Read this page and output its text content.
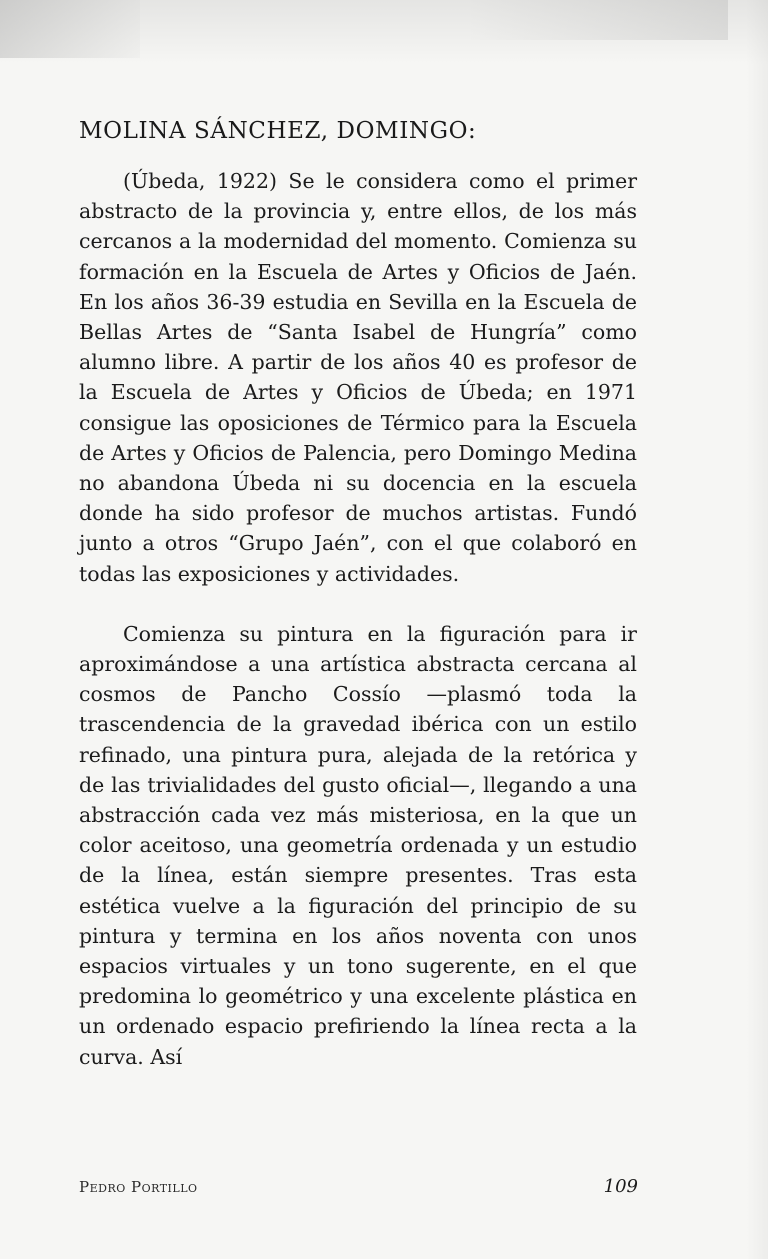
MOLINA SÁNCHEZ, DOMINGO:

(Úbeda, 1922) Se le considera como el primer abstracto de la provincia y, entre ellos, de los más cercanos a la modernidad del momento. Comienza su formación en la Escuela de Artes y Oficios de Jaén. En los años 36-39 estudia en Sevilla en la Escuela de Bellas Artes de “Santa Isabel de Hungría” como alumno libre. A partir de los años 40 es profesor de la Escuela de Artes y Oficios de Úbeda; en 1971 consigue las oposiciones de Térmico para la Escuela de Artes y Oficios de Palencia, pero Domingo Medina no abandona Úbeda ni su docencia en la escuela donde ha sido profesor de muchos artistas. Fundó junto a otros “Grupo Jaén”, con el que colaboró en todas las exposiciones y actividades.

Comienza su pintura en la figuración para ir aproximándose a una artística abstracta cercana al cosmos de Pancho Cossío —plasmó toda la trascendencia de la gravedad ibérica con un estilo refinado, una pintura pura, alejada de la retórica y de las trivialidades del gusto oficial—, llegando a una abstracción cada vez más misteriosa, en la que un color aceitoso, una geometría ordenada y un estudio de la línea, están siempre presentes. Tras esta estética vuelve a la figuración del principio de su pintura y termina en los años noventa con unos espacios virtuales y un tono sugerente, en el que predomina lo geométrico y una excelente plástica en un ordenado espacio prefiriendo la línea recta a la curva. Así

Pedro Portillo	109
